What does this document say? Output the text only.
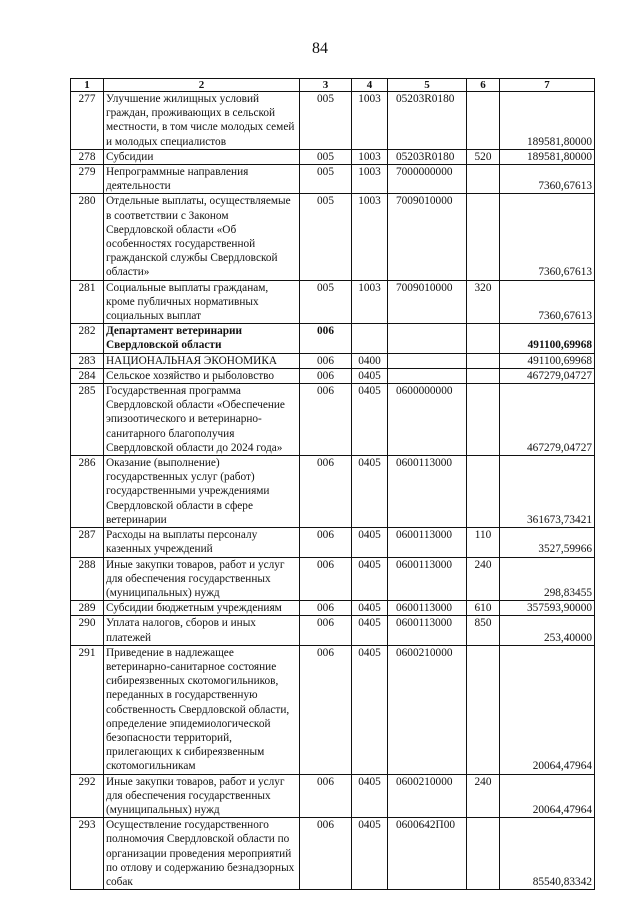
84
1	2	3	4	5	6	7
277	Улучшение жилищных условий граждан, проживающих в сельской местности, в том числе молодых семей и молодых специалистов	005	1003	05203R0180		189581,80000
278	Субсидии	005	1003	05203R0180	520	189581,80000
279	Непрограммные направления деятельности	005	1003	7000000000		7360,67613
280	Отдельные выплаты, осуществляемые в соответствии с Законом Свердловской области «Об особенностях государственной гражданской службы Свердловской области»	005	1003	7009010000		7360,67613
281	Социальные выплаты гражданам, кроме публичных нормативных социальных выплат	005	1003	7009010000	320	7360,67613
282	Департамент ветеринарии Свердловской области	006				491100,69968
283	НАЦИОНАЛЬНАЯ ЭКОНОМИКА	006	0400			491100,69968
284	Сельское хозяйство и рыболовство	006	0405			467279,04727
285	Государственная программа Свердловской области «Обеспечение эпизоотического и ветеринарно-санитарного благополучия Свердловской области до 2024 года»	006	0405	0600000000		467279,04727
286	Оказание (выполнение) государственных услуг (работ) государственными учреждениями Свердловской области в сфере ветеринарии	006	0405	0600113000		361673,73421
287	Расходы на выплаты персоналу казенных учреждений	006	0405	0600113000	110	3527,59966
288	Иные закупки товаров, работ и услуг для обеспечения государственных (муниципальных) нужд	006	0405	0600113000	240	298,83455
289	Субсидии бюджетным учреждениям	006	0405	0600113000	610	357593,90000
290	Уплата налогов, сборов и иных платежей	006	0405	0600113000	850	253,40000
291	Приведение в надлежащее ветеринарно-санитарное состояние сибиреязвенных скотомогильников, переданных в государственную собственность Свердловской области, определение эпидемиологической безопасности территорий, прилегающих к сибиреязвенным скотомогильникам	006	0405	0600210000		20064,47964
292	Иные закупки товаров, работ и услуг для обеспечения государственных (муниципальных) нужд	006	0405	0600210000	240	20064,47964
293	Осуществление государственного полномочия Свердловской области по организации проведения мероприятий по отлову и содержанию безнадзорных собак	006	0405	0600642П00		85540,83342
